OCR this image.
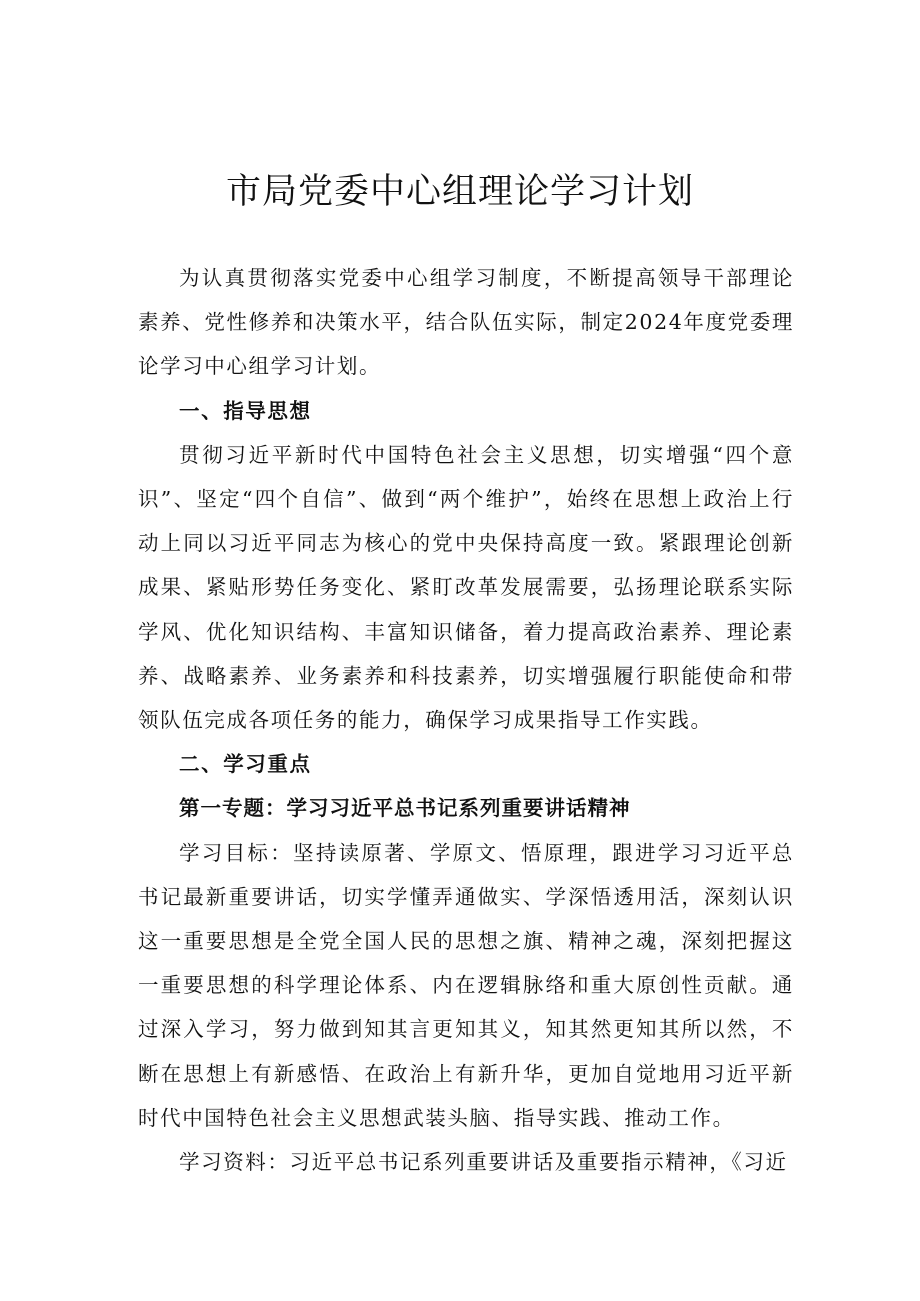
市局党委中心组理论学习计划

为认真贯彻落实党委中心组学习制度，不断提高领导干部理论素养、党性修养和决策水平，结合队伍实际，制定2024年度党委理论学习中心组学习计划。

一、指导思想

贯彻习近平新时代中国特色社会主义思想，切实增强“四个意识”、坚定“四个自信”、做到“两个维护”，始终在思想上政治上行动上同以习近平同志为核心的党中央保持高度一致。紧跟理论创新成果、紧贴形势任务变化、紧盯改革发展需要，弘扬理论联系实际学风、优化知识结构、丰富知识储备，着力提高政治素养、理论素养、战略素养、业务素养和科技素养，切实增强履行职能使命和带领队伍完成各项任务的能力，确保学习成果指导工作实践。

二、学习重点

第一专题：学习习近平总书记系列重要讲话精神

学习目标：坚持读原著、学原文、悟原理，跟进学习习近平总书记最新重要讲话，切实学懂弄通做实、学深悟透用活，深刻认识这一重要思想是全党全国人民的思想之旗、精神之魂，深刻把握这一重要思想的科学理论体系、内在逻辑脉络和重大原创性贡献。通过深入学习，努力做到知其言更知其义，知其然更知其所以然，不断在思想上有新感悟、在政治上有新升华，更加自觉地用习近平新时代中国特色社会主义思想武装头脑、指导实践、推动工作。

学习资料：习近平总书记系列重要讲话及重要指示精神，《习近
